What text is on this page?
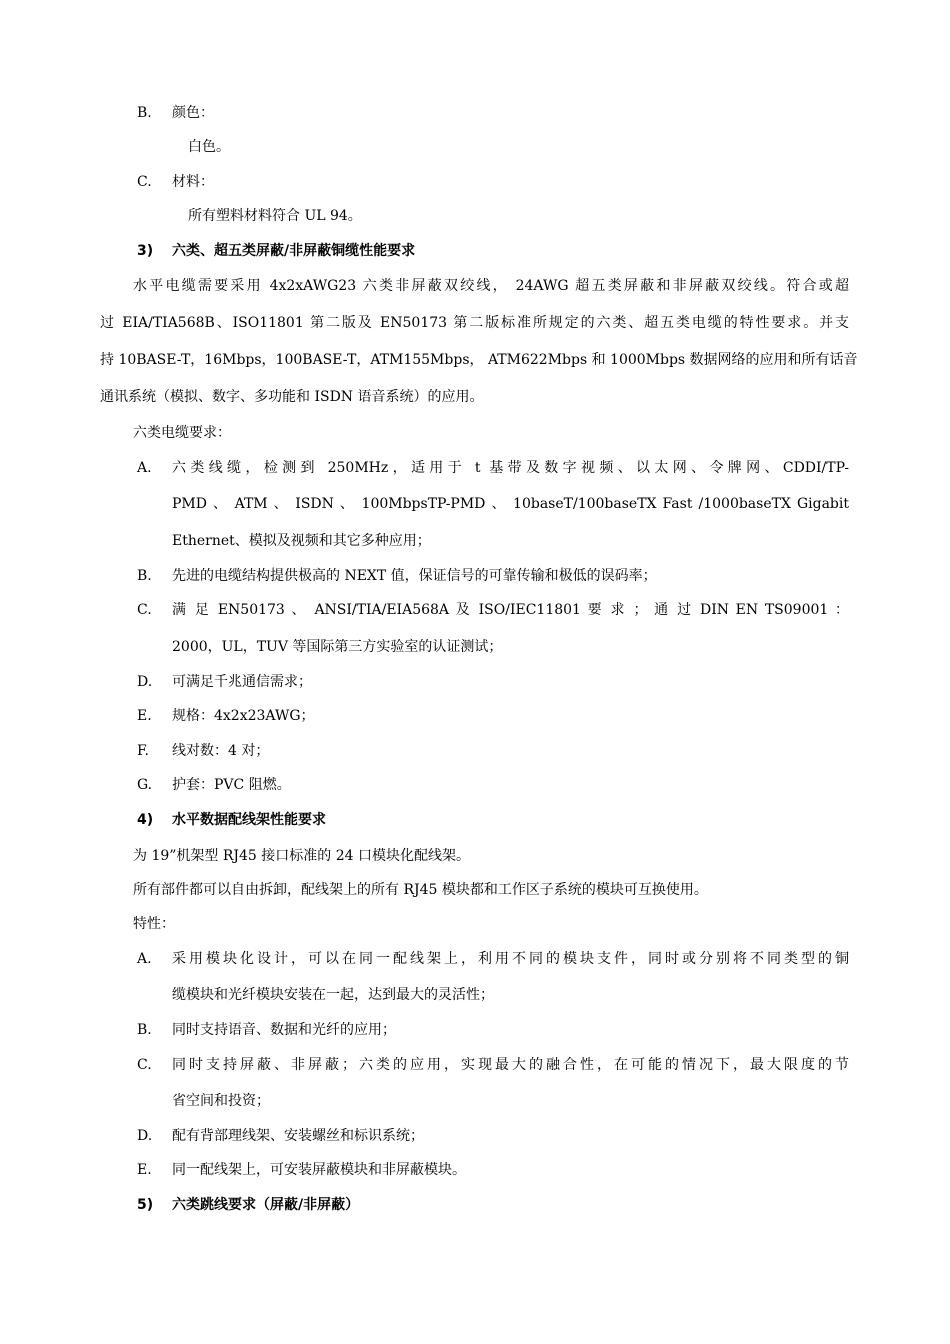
B. 颜色：
白色。
C. 材料：
所有塑料材料符合 UL 94。
3) 六类、超五类屏蔽/非屏蔽铜缆性能要求
水平电缆需要采用 4x2xAWG23 六类非屏蔽双绞线， 24AWG 超五类屏蔽和非屏蔽双绞线。符合或超
过 EIA/TIA568B、ISO11801 第二版及 EN50173 第二版标准所规定的六类、超五类电缆的特性要求。并支
持 10BASE-T，16Mbps，100BASE-T，ATM155Mbps， ATM622Mbps 和 1000Mbps 数据网络的应用和所有话音
通讯系统（模拟、数字、多功能和 ISDN 语音系统）的应用。
六类电缆要求：
A. 六类线缆，检测到 250MHz，适用于 t 基带及数字视频、以太网、令牌网、CDDI/TP-
PMD 、 ATM 、 ISDN 、 100MbpsTP-PMD 、 10baseT/100baseTX Fast /1000baseTX Gigabit
Ethernet、模拟及视频和其它多种应用；
B. 先进的电缆结构提供极高的 NEXT 值，保证信号的可靠传输和极低的误码率；
C. 满 足 EN50173 、 ANSI/TIA/EIA568A 及 ISO/IEC11801 要 求 ； 通 过 DIN EN TS09001 ：
2000，UL，TUV 等国际第三方实验室的认证测试；
D. 可满足千兆通信需求；
E. 规格：4x2x23AWG；
F. 线对数：4 对；
G. 护套：PVC 阻燃。
4) 水平数据配线架性能要求
为 19”机架型 RJ45 接口标准的 24 口模块化配线架。
所有部件都可以自由拆卸，配线架上的所有 RJ45 模块都和工作区子系统的模块可互换使用。
特性：
A. 采用模块化设计，可以在同一配线架上，利用不同的模块支件，同时或分别将不同类型的铜
缆模块和光纤模块安装在一起，达到最大的灵活性；
B. 同时支持语音、数据和光纤的应用；
C. 同时支持屏蔽、非屏蔽；六类的应用，实现最大的融合性，在可能的情况下，最大限度的节
省空间和投资；
D. 配有背部理线架、安装螺丝和标识系统；
E. 同一配线架上，可安装屏蔽模块和非屏蔽模块。
5) 六类跳线要求（屏蔽/非屏蔽）
